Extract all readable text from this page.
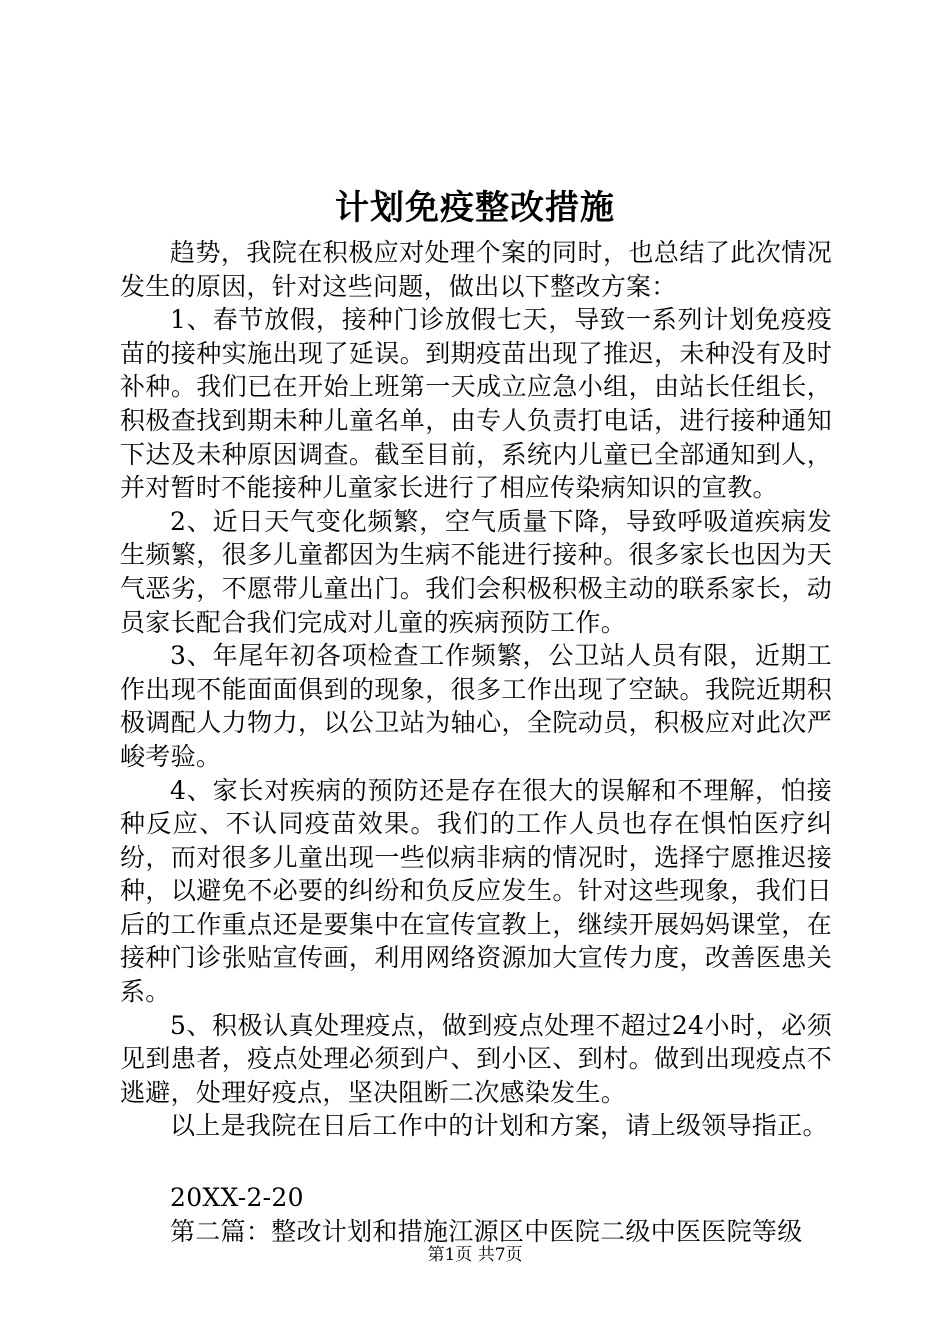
计划免疫整改措施

趋势，我院在积极应对处理个案的同时，也总结了此次情况发生的原因，针对这些问题，做出以下整改方案：

1、春节放假，接种门诊放假七天，导致一系列计划免疫疫苗的接种实施出现了延误。到期疫苗出现了推迟，未种没有及时补种。我们已在开始上班第一天成立应急小组，由站长任组长，积极查找到期未种儿童名单，由专人负责打电话，进行接种通知下达及未种原因调查。截至目前，系统内儿童已全部通知到人，并对暂时不能接种儿童家长进行了相应传染病知识的宣教。

2、近日天气变化频繁，空气质量下降，导致呼吸道疾病发生频繁，很多儿童都因为生病不能进行接种。很多家长也因为天气恶劣，不愿带儿童出门。我们会积极积极主动的联系家长，动员家长配合我们完成对儿童的疾病预防工作。

3、年尾年初各项检查工作频繁，公卫站人员有限，近期工作出现不能面面俱到的现象，很多工作出现了空缺。我院近期积极调配人力物力，以公卫站为轴心，全院动员，积极应对此次严峻考验。

4、家长对疾病的预防还是存在很大的误解和不理解，怕接种反应、不认同疫苗效果。我们的工作人员也存在惧怕医疗纠纷，而对很多儿童出现一些似病非病的情况时，选择宁愿推迟接种，以避免不必要的纠纷和负反应发生。针对这些现象，我们日后的工作重点还是要集中在宣传宣教上，继续开展妈妈课堂，在接种门诊张贴宣传画，利用网络资源加大宣传力度，改善医患关系。

5、积极认真处理疫点，做到疫点处理不超过24小时，必须见到患者，疫点处理必须到户、到小区、到村。做到出现疫点不逃避，处理好疫点，坚决阻断二次感染发生。

以上是我院在日后工作中的计划和方案，请上级领导指正。

20XX-2-20

第二篇：整改计划和措施江源区中医院二级中医医院等级

第1页 共7页
